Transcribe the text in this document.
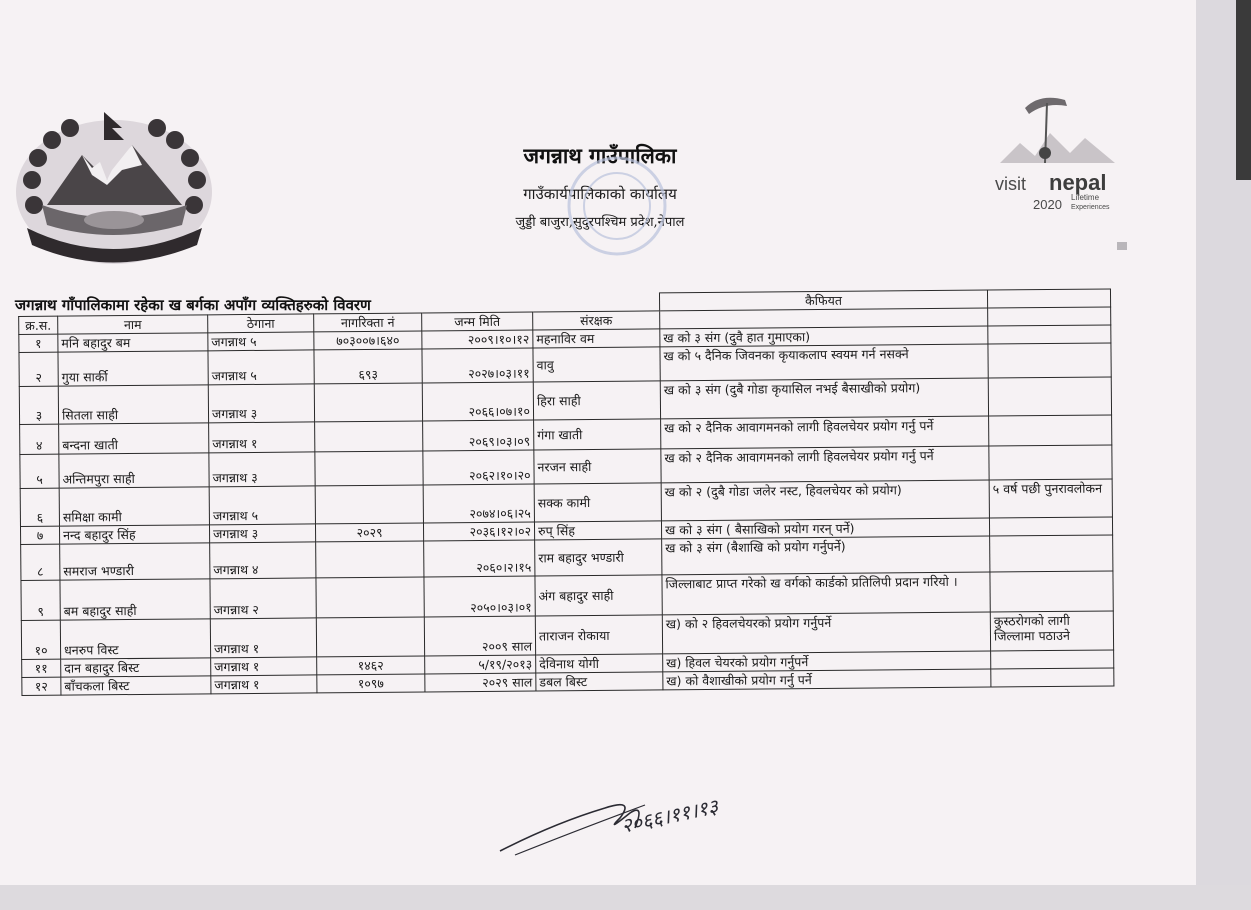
जगन्नाथ गाउँपालिका
गाउँकार्यपालिकाको कार्यालय
जुड्डी बाजुरा,सुदुरपश्चिम प्रदेश,नेपाल
visit nepal
2020 Lifetime
Experiences
जगन्नाथ गाँपालिकामा रहेका ख बर्गका अपाँग व्यक्तिहरुको विवरण
							कैफियत	
क्र.स.	नाम	ठेगाना	नागरिक्ता नं	जन्म मिति	संरक्षक		
१	मनि बहादुर बम	जगन्नाथ ५	७०३००७।६४०	२००९।१०।१२	महनाविर वम	ख को ३ संग (दुवै हात गुमाएका)	
२	गुया सार्की	जगन्नाथ ५	६९३	२०२७।०३।११	वावु	ख को ५ दैनिक जिवनका कृयाकलाप स्वयम गर्न नसक्ने	
३	सितला साही	जगन्नाथ ३		२०६६।०७।१०	हिरा साही	ख को ३ संग (दुबै गोडा कृयासिल नभई बैसाखीको प्रयोग)	
४	बन्दना खाती	जगन्नाथ १		२०६९।०३।०९	गंगा खाती	ख को २ दैनिक आवागमनको लागी हिवलचेयर प्रयोग गर्नु पर्ने	
५	अन्तिमपुरा साही	जगन्नाथ ३		२०६२।१०।२०	नरजन साही	ख को २ दैनिक आवागमनको लागी हिवलचेयर प्रयोग गर्नु पर्ने	
६	समिक्षा कामी	जगन्नाथ ५		२०७४।०६।२५	सक्क कामी	ख को २ (दुबै गोडा जलेर नस्ट, हिवलचेयर को प्रयोग)	५ वर्ष पछी पुनरावलोकन
७	नन्द बहादुर सिंह	जगन्नाथ ३	२०२९	२०३६।१२।०२	रुप् सिंह	ख को ३ संग ( बैसाखिको प्रयोग गरन् पर्ने)	
८	समराज भण्डारी	जगन्नाथ ४		२०६०।२।१५	राम बहादुर भण्डारी	ख को ३ संग (बैशाखि को प्रयोग गर्नुपर्ने)	
९	बम बहादुर साही	जगन्नाथ २		२०५०।०३।०१	अंग बहादुर साही	जिल्लाबाट प्राप्त गरेको ख वर्गको कार्डको प्रतिलिपी प्रदान गरियो ।	
१०	धनरुप विस्ट	जगन्नाथ १		२००९ साल	ताराजन रोकाया	ख) को २ हिवलचेयरको प्रयोग गर्नुपर्ने	कुस्ठरोगको लागी जिल्लामा पठाउने
११	दान बहादुर बिस्ट	जगन्नाथ १	१४६२	५/१९/२०१३	देविनाथ योगी	ख) हिवल चेयरको प्रयोग गर्नुपर्ने	
१२	बाँचकला बिस्ट	जगन्नाथ १	१०९७	२०२९ साल	डबल बिस्ट	ख) को वैशाखीको प्रयोग गर्नु पर्ने	
२०६६।११।१३
